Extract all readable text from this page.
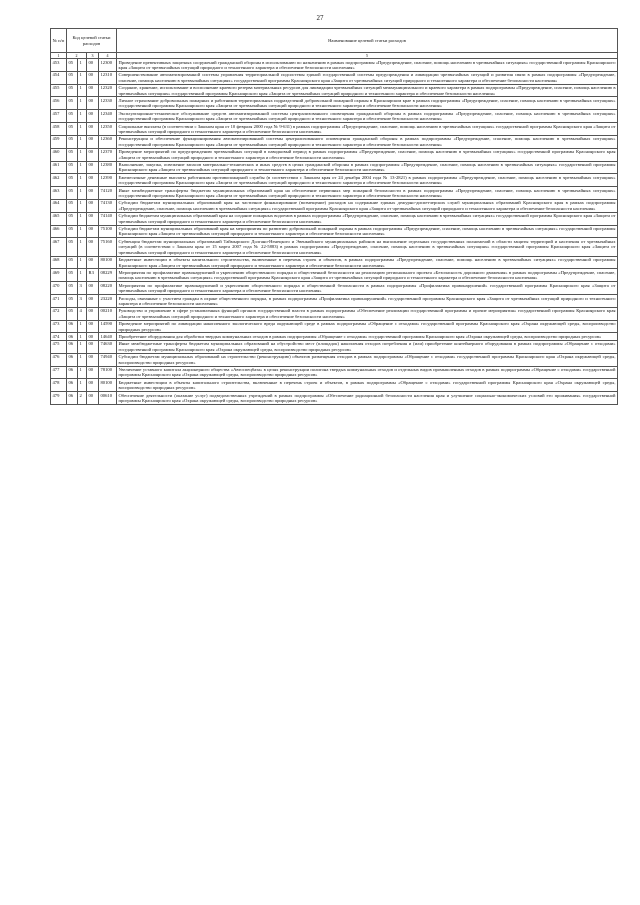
27
№ п/п	Код целевой статьи расходов				Наименование целевой статьи расходов

1	2		3	4	5
453	05	1	00	12300	Проведение превентивных защитных сооружений гражданской обороны в использованию по назначению в рамках подпрограммы «Предупреждение, спасение, помощь населению в чрезвычайных ситуациях» государственной программы Красноярского края «Защита от чрезвычайных ситуаций природного и техногенного характера и обеспечение безопасности населения»
454	05	1	00	12310	Совершенствование автоматизированной системы управления территориальной подсистемы единой государственной системы предупреждения и ликвидации чрезвычайных ситуаций и развития связи в рамках подпрограммы «Предупреждение, спасение, помощь населению в чрезвычайных ситуациях» государственной программы Красноярского края «Защита от чрезвычайных ситуаций природного и техногенного характера и обеспечение безопасности населения»
455	05	1	00	12320	Создание, хранение, использование и восполнение краевого резерва материальных ресурсов для ликвидации чрезвычайных ситуаций межмуниципального и краевого характера в рамках подпрограммы «Предупреждение, спасение, помощь населению в чрезвычайных ситуациях» государственной программы Красноярского края «Защита от чрезвычайных ситуаций природного и техногенного характера и обеспечение безопасности населения»
456	05	1	00	12330	Личное страхование добровольных пожарных и работников территориальных подразделений добровольной пожарной охраны в Красноярском крае в рамках подпрограммы «Предупреждение, спасение, помощь населению в чрезвычайных ситуациях» государственной программы Красноярского края «Защита от чрезвычайных ситуаций природного и техногенного характера и обеспечение безопасности населения»
457	05	1	00	12340	Эксплуатационно-техническое обслуживание средств автоматизированной системы централизованного оповещения гражданской обороны в рамках подпрограммы «Предупреждение, спасение, помощь населению в чрезвычайных ситуациях» государственной программы Красноярского края «Защита от чрезвычайных ситуаций природного и техногенного характера и обеспечение безопасности населения»
458	05	1	00	12350	Социальные выплаты (в соответствии с Законом края от 10 февраля 2000 года № 9-631) в рамках подпрограммы «Предупреждение, спасение, помощь населению в чрезвычайных ситуациях» государственной программы Красноярского края «Защита от чрезвычайных ситуаций природного и техногенного характера и обеспечение безопасности населения»
459	05	1	00	12360	Реконструкция и обеспечение функционирования автоматизированной системы централизованного оповещения гражданской обороны в рамках подпрограммы «Предупреждение, спасение, помощь населению в чрезвычайных ситуациях» государственной программы Красноярского края «Защита от чрезвычайных ситуаций природного и техногенного характера и обеспечение безопасности населения»
460	05	1	00	12370	Проведение мероприятий по предупреждению чрезвычайных ситуаций в паводковый период в рамках подпрограммы «Предупреждение, спасение, помощь населению в чрезвычайных ситуациях» государственной программы Красноярского края «Защита от чрезвычайных ситуаций природного и техногенного характера и обеспечение безопасности населения»
461	05	1	00	12380	Выполнение, закупка, освежение запасов материально-технических и иных средств в целях гражданской обороны в рамках подпрограммы «Предупреждение, спасение, помощь населению в чрезвычайных ситуациях» государственной программы Красноярского края «Защита от чрезвычайных ситуаций природного и техногенного характера и обеспечение безопасности населения»
462	05	1	00	12390	Ежемесячные денежные выплаты работникам противопожарной службы (в соответствии с Законом края от 24 декабря 2004 года № 13-2821) в рамках подпрограммы «Предупреждение, спасение, помощь населению в чрезвычайных ситуациях» государственной программы Красноярского края «Защита от чрезвычайных ситуаций природного и техногенного характера и обеспечение безопасности населения»
463	05	1	00	74120	Иные межбюджетные трансферты бюджетам муниципальных образований края на обеспечение первичных мер пожарной безопасности в рамках подпрограммы «Предупреждение, спасение, помощь населению в чрезвычайных ситуациях» государственной программы Красноярского края «Защита от чрезвычайных ситуаций природного и техногенного характера и обеспечение безопасности населения»
464	05	1	00	74130	Субсидии бюджетам муниципальных образований края на частичное финансирование (возмещение) расходов на содержание единых дежурно-диспетчерских служб муниципальных образований Красноярского края в рамках подпрограммы «Предупреждение, спасение, помощь населению в чрезвычайных ситуациях» государственной программы Красноярского края «Защита от чрезвычайных ситуаций природного и техногенного характера и обеспечение безопасности населения»
465	05	1	00	74140	Субсидии бюджетам муниципальных образований края на создание пожарных водоемов в рамках подпрограммы «Предупреждение, спасение, помощь населению в чрезвычайных ситуациях» государственной программы Красноярского края «Защита от чрезвычайных ситуаций природного и техногенного характера и обеспечение безопасности населения»
466	05	1	00	75100	Субсидии бюджетам муниципальных образований края на мероприятия по развитию добровольной пожарной охраны в рамках подпрограммы «Предупреждение, спасение, помощь населению в чрезвычайных ситуациях» государственной программы Красноярского края «Защита от чрезвычайных ситуаций природного и техногенного характера и обеспечение безопасности населения»
467	05	1	00	75160	Субвенция бюджетам муниципальных образований Таймырского Долгано-Ненецкого и Эвенкийского муниципальных районов на выполнение отдельных государственных полномочий в области защиты территорий и населения от чрезвычайных ситуаций (в соответствии с Законом края от 15 марта 2007 года № 22-5883) в рамках подпрограммы «Предупреждение, спасение, помощь населению в чрезвычайных ситуациях» государственной программы Красноярского края «Защита от чрезвычайных ситуаций природного и техногенного характера и обеспечение безопасности населения»
468	05	1	00	80100	Бюджетные инвестиции в объекты капитального строительства, включенные в перечень строек и объектов, в рамках подпрограммы «Предупреждение, спасение, помощь населению в чрезвычайных ситуациях» государственной программы Красноярского края «Защита от чрезвычайных ситуаций природного и техногенного характера и обеспечение безопасности населения»
469	05	1	R3	08229	Мероприятия по профилактике правонарушений и укреплению общественного порядка и общественной безопасности на реализацию регионального проекта «Безопасность дорожного движения» в рамках подпрограммы «Предупреждение, спасение, помощь населению в чрезвычайных ситуациях» государственной программы Красноярского края «Защита от чрезвычайных ситуаций природного и техногенного характера и обеспечение безопасности населения»
470	05	3	00	08220	Мероприятия по профилактике правонарушений и укреплению общественного порядка и общественной безопасности в рамках подпрограммы «Профилактика правонарушений» государственной программы Красноярского края «Защита от чрезвычайных ситуаций природного и техногенного характера и обеспечение безопасности населения»
471	05	3	00	23220	Расходы, связанные с участием граждан в охране общественного порядка, в рамках подпрограммы «Профилактика правонарушений» государственной программы Красноярского края «Защита от чрезвычайных ситуаций природного и техногенного характера и обеспечение безопасности населения»
472	05	4	00	00210	Руководство и управление в сфере установленных функций органов государственной власти в рамках подпрограммы «Обеспечение реализации государственной программы и прочие мероприятия» государственной программы Красноярского края «Защита от чрезвычайных ситуаций природного и техногенного характера и обеспечение безопасности населения»
473	06	1	00	14590	Проведение мероприятий по ликвидации накопленного экологического вреда окружающей среде в рамках подпрограммы «Обращение с отходами» государственной программы Красноярского края «Охрана окружающей среды, воспроизводство природных ресурсов»
474	06	1	00	14640	Приобретение оборудования для обработки твердых коммунальных отходов в рамках подпрограммы «Обращение с отходами» государственной программы Красноярского края «Охрана окружающей среды, воспроизводство природных ресурсов»
475	06	1	00	74630	Иные межбюджетные трансферты бюджетам муниципальных образований на обустройство мест (площадок) накопления отходов потребления и (или) приобретение контейнерного оборудования в рамках подпрограммы «Обращение с отходами» государственной программы Красноярского края «Охрана окружающей среды, воспроизводство природных ресурсов»
476	06	1	00	74940	Субсидии бюджетам муниципальных образований на строительство (реконструкцию) объектов размещения отходов в рамках подпрограммы «Обращение с отходами» государственной программы Красноярского края «Охрана окружающей среды, воспроизводство природных ресурсов»
477	06	1	00	78100	Увеличение уставного капитала акционерного общества «Автоспецбаза» в целях реконструкции полигона твердых коммунальных отходов и отдельных видов промышленных отходов в рамках подпрограммы «Обращение с отходами» государственной программы Красноярского края «Охрана окружающей среды, воспроизводство природных ресурсов»
478	06	1	00	80100	Бюджетные инвестиции в объекты капитального строительства, включенные в перечень строек и объектов, в рамках подпрограммы «Обращение с отходами» государственной программы Красноярского края «Охрана окружающей среды, воспроизводство природных ресурсов»
479	06	2	00	00610	Обеспечение деятельности (оказание услуг) подведомственных учреждений в рамках подпрограммы «Обеспечение радиационной безопасности населения края и улучшение социально-экономических условий его проживания» государственной программы Красноярского края «Охрана окружающей среды, воспроизводство природных ресурсов»
